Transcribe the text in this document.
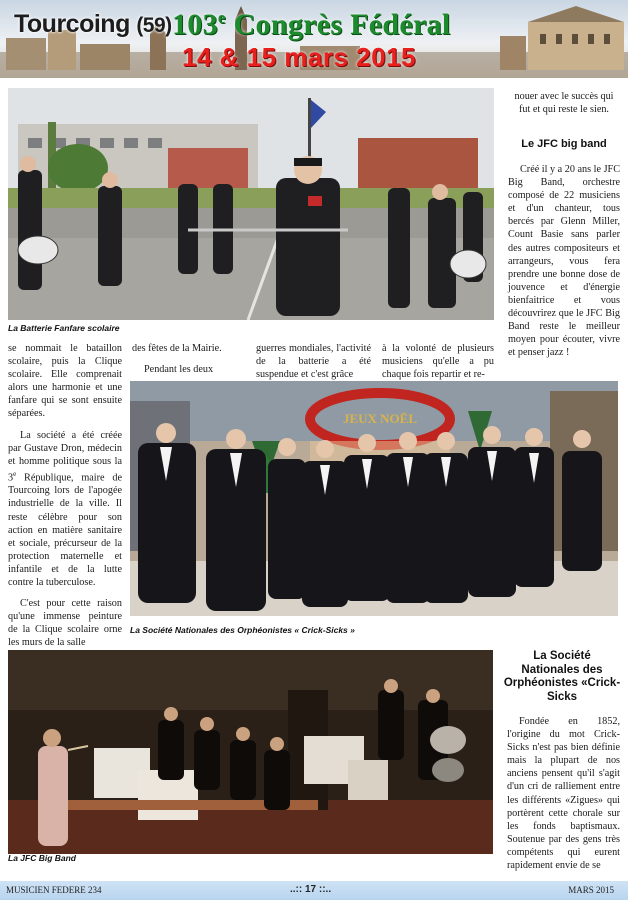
Tourcoing (59) 103e Congrès Fédéral
14 & 15 mars 2015
La Batterie Fanfare scolaire

nouer avec le succès qui fut et qui reste le sien.

Le JFC big band

Créé il y a 20 ans le JFC Big Band, orchestre composé de 22 musiciens et d'un chanteur, tous bercés par Glenn Miller, Count Basie sans parler des autres compositeurs et arrangeurs, vous fera prendre une bonne dose de jouvence et d'énergie bienfaitrice et vous découvrirez que le JFC Big Band reste le meilleur moyen pour écouter, vivre et penser jazz !

se nommait le bataillon scolaire, puis la Clique scolaire. Elle comprenait alors une harmonie et une fanfare qui se sont ensuite séparées.

La société a été créée par Gustave Dron, médecin et homme politique sous la 3e République, maire de Tourcoing lors de l'apogée industrielle de la ville. Il reste célèbre pour son action en matière sanitaire et sociale, précurseur de la protection maternelle et infantile et de la lutte contre la tuberculose.

C'est pour cette raison qu'une immense peinture de la Clique scolaire orne les murs de la salle

des fêtes de la Mairie.

Pendant les deux

guerres mondiales, l'activité de la batterie a été suspendue et c'est grâce

à la volonté de plusieurs musiciens qu'elle a pu chaque fois repartir et re-

JEUX NOËL
La Société Nationales des Orphéonistes « Crick-Sicks »
La JFC Big Band
La Société Nationales des Orphéonistes «Crick-Sicks

Fondée en 1852, l'origine du mot Crick-Sicks n'est pas bien définie mais la plupart de nos anciens pensent qu'il s'agit d'un cri de ralliement entre les différents «Zigues» qui portèrent cette chorale sur les fonds baptismaux. Soutenue par des gens très compétents qui eurent rapidement envie de se

MUSICIEN FEDERE 234	..:: 17 ::..	MARS 2015
